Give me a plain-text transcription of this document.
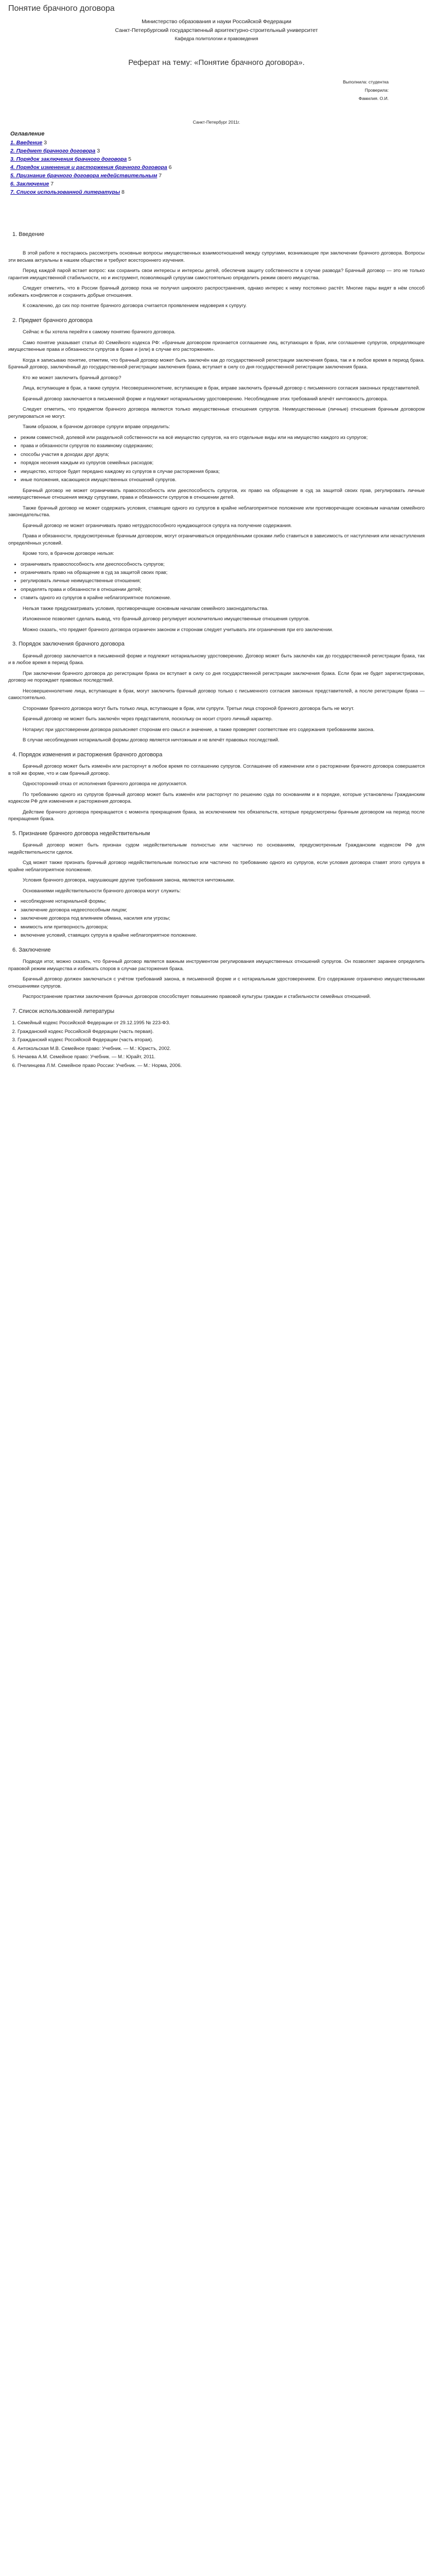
Понятие брачного договора
Министерство образования и науки Российской Федерации
Санкт-Петербургский государственный архитектурно-строительный университет
Кафедра политологии и правоведения
Реферат на тему: «Понятие брачного договора».
Выполнила: студентка
Проверила:
Фамилия. О.И.
Санкт-Петербург 2011г.
Оглавление
1. Введение 3
2. Предмет брачного договора 3
3. Порядок заключения брачного договора 5
4. Порядок изменения и расторжения брачного договора 6
5. Признание брачного договора недействительным 7
6. Заключение 7
7. Список использованной литературы 8
1. Введение

В этой работе я постараюсь рассмотреть основные вопросы имущественных взаимоотношений между супругами, возникающие при заключении брачного договора. Вопросы эти весьма актуальны в нашем обществе и требуют всестороннего изучения.

Перед каждой парой встает вопрос: как сохранить свои интересы и интересы детей, обеспечив защиту собственности в случае развода? Брачный договор — это не только гарантия имущественной стабильности, но и инструмент, позволяющий супругам самостоятельно определить режим своего имущества.

Следует отметить, что в России брачный договор пока не получил широкого распространения, однако интерес к нему постоянно растёт. Многие пары видят в нём способ избежать конфликтов и сохранить добрые отношения.

К сожалению, до сих пор понятие брачного договора считается проявлением недоверия к супругу.

2. Предмет брачного договора

Сейчас я бы хотела перейти к самому понятию брачного договора.

Само понятие указывает статья 40 Семейного кодекса РФ: «брачным договором признается соглашение лиц, вступающих в брак, или соглашение супругов, определяющее имущественные права и обязанности супругов в браке и (или) в случае его расторжения».

Когда я записываю понятие, отметим, что брачный договор может быть заключён как до государственной регистрации заключения брака, так и в любое время в период брака. Брачный договор, заключённый до государственной регистрации заключения брака, вступает в силу со дня государственной регистрации заключения брака.

Кто же может заключить брачный договор?

Лица, вступающие в брак, а также супруги. Несовершеннолетние, вступающие в брак, вправе заключить брачный договор с письменного согласия законных представителей.

Брачный договор заключается в письменной форме и подлежит нотариальному удостоверению. Несоблюдение этих требований влечёт ничтожность договора.

Следует отметить, что предметом брачного договора являются только имущественные отношения супругов. Неимущественные (личные) отношения брачным договором регулироваться не могут.

Таким образом, в брачном договоре супруги вправе определить:

• режим совместной, долевой или раздельной собственности на всё имущество супругов, на его отдельные виды или на имущество каждого из супругов;
• права и обязанности супругов по взаимному содержанию;
• способы участия в доходах друг друга;
• порядок несения каждым из супругов семейных расходов;
• имущество, которое будет передано каждому из супругов в случае расторжения брака;
• иные положения, касающиеся имущественных отношений супругов.

Брачный договор не может ограничивать правоспособность или дееспособность супругов, их право на обращение в суд за защитой своих прав, регулировать личные неимущественные отношения между супругами, права и обязанности супругов в отношении детей.

Также брачный договор не может содержать условия, ставящие одного из супругов в крайне неблагоприятное положение или противоречащие основным началам семейного законодательства.

Брачный договор не может ограничивать право нетрудоспособного нуждающегося супруга на получение содержания.

Права и обязанности, предусмотренные брачным договором, могут ограничиваться определёнными сроками либо ставиться в зависимость от наступления или ненаступления определённых условий.

Кроме того, в брачном договоре нельзя:

• ограничивать правоспособность или дееспособность супругов;
• ограничивать право на обращение в суд за защитой своих прав;
• регулировать личные неимущественные отношения;
• определять права и обязанности в отношении детей;
• ставить одного из супругов в крайне неблагоприятное положение.

Нельзя также предусматривать условия, противоречащие основным началам семейного законодательства.

Изложенное позволяет сделать вывод, что брачный договор регулирует исключительно имущественные отношения супругов.

Можно сказать, что предмет брачного договора ограничен законом и сторонам следует учитывать эти ограничения при его заключении.

3. Порядок заключения брачного договора

Брачный договор заключается в письменной форме и подлежит нотариальному удостоверению. Договор может быть заключён как до государственной регистрации брака, так и в любое время в период брака.

При заключении брачного договора до регистрации брака он вступает в силу со дня государственной регистрации заключения брака. Если брак не будет зарегистрирован, договор не порождает правовых последствий.

Несовершеннолетние лица, вступающие в брак, могут заключить брачный договор только с письменного согласия законных представителей, а после регистрации брака — самостоятельно.

Сторонами брачного договора могут быть только лица, вступающие в брак, или супруги. Третьи лица стороной брачного договора быть не могут.

Брачный договор не может быть заключён через представителя, поскольку он носит строго личный характер.

Нотариус при удостоверении договора разъясняет сторонам его смысл и значение, а также проверяет соответствие его содержания требованиям закона.

В случае несоблюдения нотариальной формы договор является ничтожным и не влечёт правовых последствий.

4. Порядок изменения и расторжения брачного договора

Брачный договор может быть изменён или расторгнут в любое время по соглашению супругов. Соглашение об изменении или о расторжении брачного договора совершается в той же форме, что и сам брачный договор.

Односторонний отказ от исполнения брачного договора не допускается.

По требованию одного из супругов брачный договор может быть изменён или расторгнут по решению суда по основаниям и в порядке, которые установлены Гражданским кодексом РФ для изменения и расторжения договора.

Действие брачного договора прекращается с момента прекращения брака, за исключением тех обязательств, которые предусмотрены брачным договором на период после прекращения брака.

5. Признание брачного договора недействительным

Брачный договор может быть признан судом недействительным полностью или частично по основаниям, предусмотренным Гражданским кодексом РФ для недействительности сделок.

Суд может также признать брачный договор недействительным полностью или частично по требованию одного из супругов, если условия договора ставят этого супруга в крайне неблагоприятное положение.

Условия брачного договора, нарушающие другие требования закона, являются ничтожными.

Основаниями недействительности брачного договора могут служить:

• несоблюдение нотариальной формы;
• заключение договора недееспособным лицом;
• заключение договора под влиянием обмана, насилия или угрозы;
• мнимость или притворность договора;
• включение условий, ставящих супруга в крайне неблагоприятное положение.
6. Заключение

Подводя итог, можно сказать, что брачный договор является важным инструментом регулирования имущественных отношений супругов. Он позволяет заранее определить правовой режим имущества и избежать споров в случае расторжения брака.

Брачный договор должен заключаться с учётом требований закона, в письменной форме и с нотариальным удостоверением. Его содержание ограничено имущественными отношениями супругов.

Распространение практики заключения брачных договоров способствует повышению правовой культуры граждан и стабильности семейных отношений.

7. Список использованной литературы
1. Семейный кодекс Российской Федерации от 29.12.1995 № 223-ФЗ.
2. Гражданский кодекс Российской Федерации (часть первая).
3. Гражданский кодекс Российской Федерации (часть вторая).
4. Антокольская М.В. Семейное право: Учебник. — М.: Юристъ, 2002.
5. Нечаева А.М. Семейное право: Учебник. — М.: Юрайт, 2011.
6. Пчелинцева Л.М. Семейное право России: Учебник. — М.: Норма, 2006.
